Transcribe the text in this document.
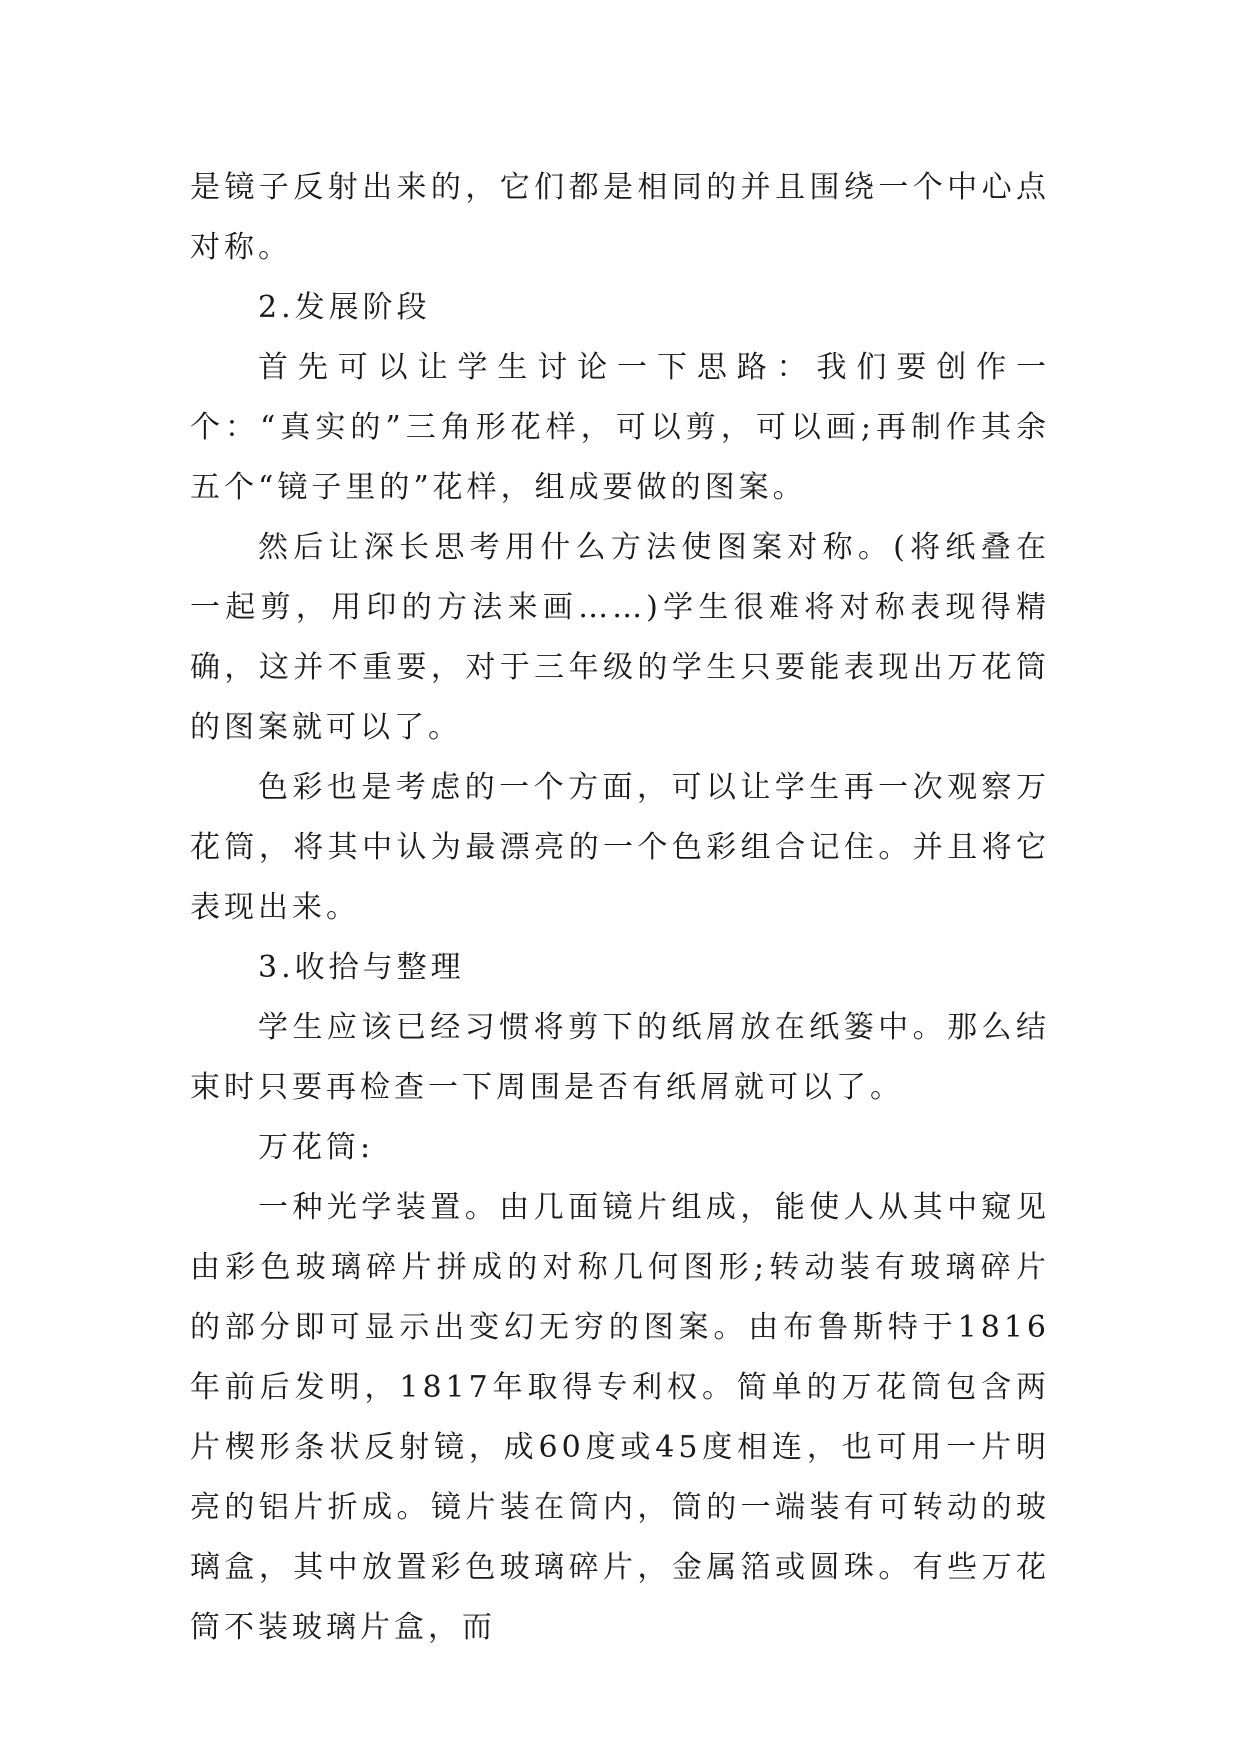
是镜子反射出来的，它们都是相同的并且围绕一个中心点对称。

2.发展阶段

首先可以让学生讨论一下思路：我们要创作一个：“真实的”三角形花样，可以剪，可以画;再制作其余五个“镜子里的”花样，组成要做的图案。

然后让深长思考用什么方法使图案对称。(将纸叠在一起剪，用印的方法来画……)学生很难将对称表现得精确，这并不重要，对于三年级的学生只要能表现出万花筒的图案就可以了。

色彩也是考虑的一个方面，可以让学生再一次观察万花筒，将其中认为最漂亮的一个色彩组合记住。并且将它表现出来。

3.收拾与整理

学生应该已经习惯将剪下的纸屑放在纸篓中。那么结束时只要再检查一下周围是否有纸屑就可以了。

万花筒:

一种光学装置。由几面镜片组成，能使人从其中窥见由彩色玻璃碎片拼成的对称几何图形;转动装有玻璃碎片的部分即可显示出变幻无穷的图案。由布鲁斯特于1816年前后发明，1817年取得专利权。简单的万花筒包含两片楔形条状反射镜，成60度或45度相连，也可用一片明亮的铝片折成。镜片装在筒内，筒的一端装有可转动的玻璃盒，其中放置彩色玻璃碎片，金属箔或圆珠。有些万花筒不装玻璃片盒，而
